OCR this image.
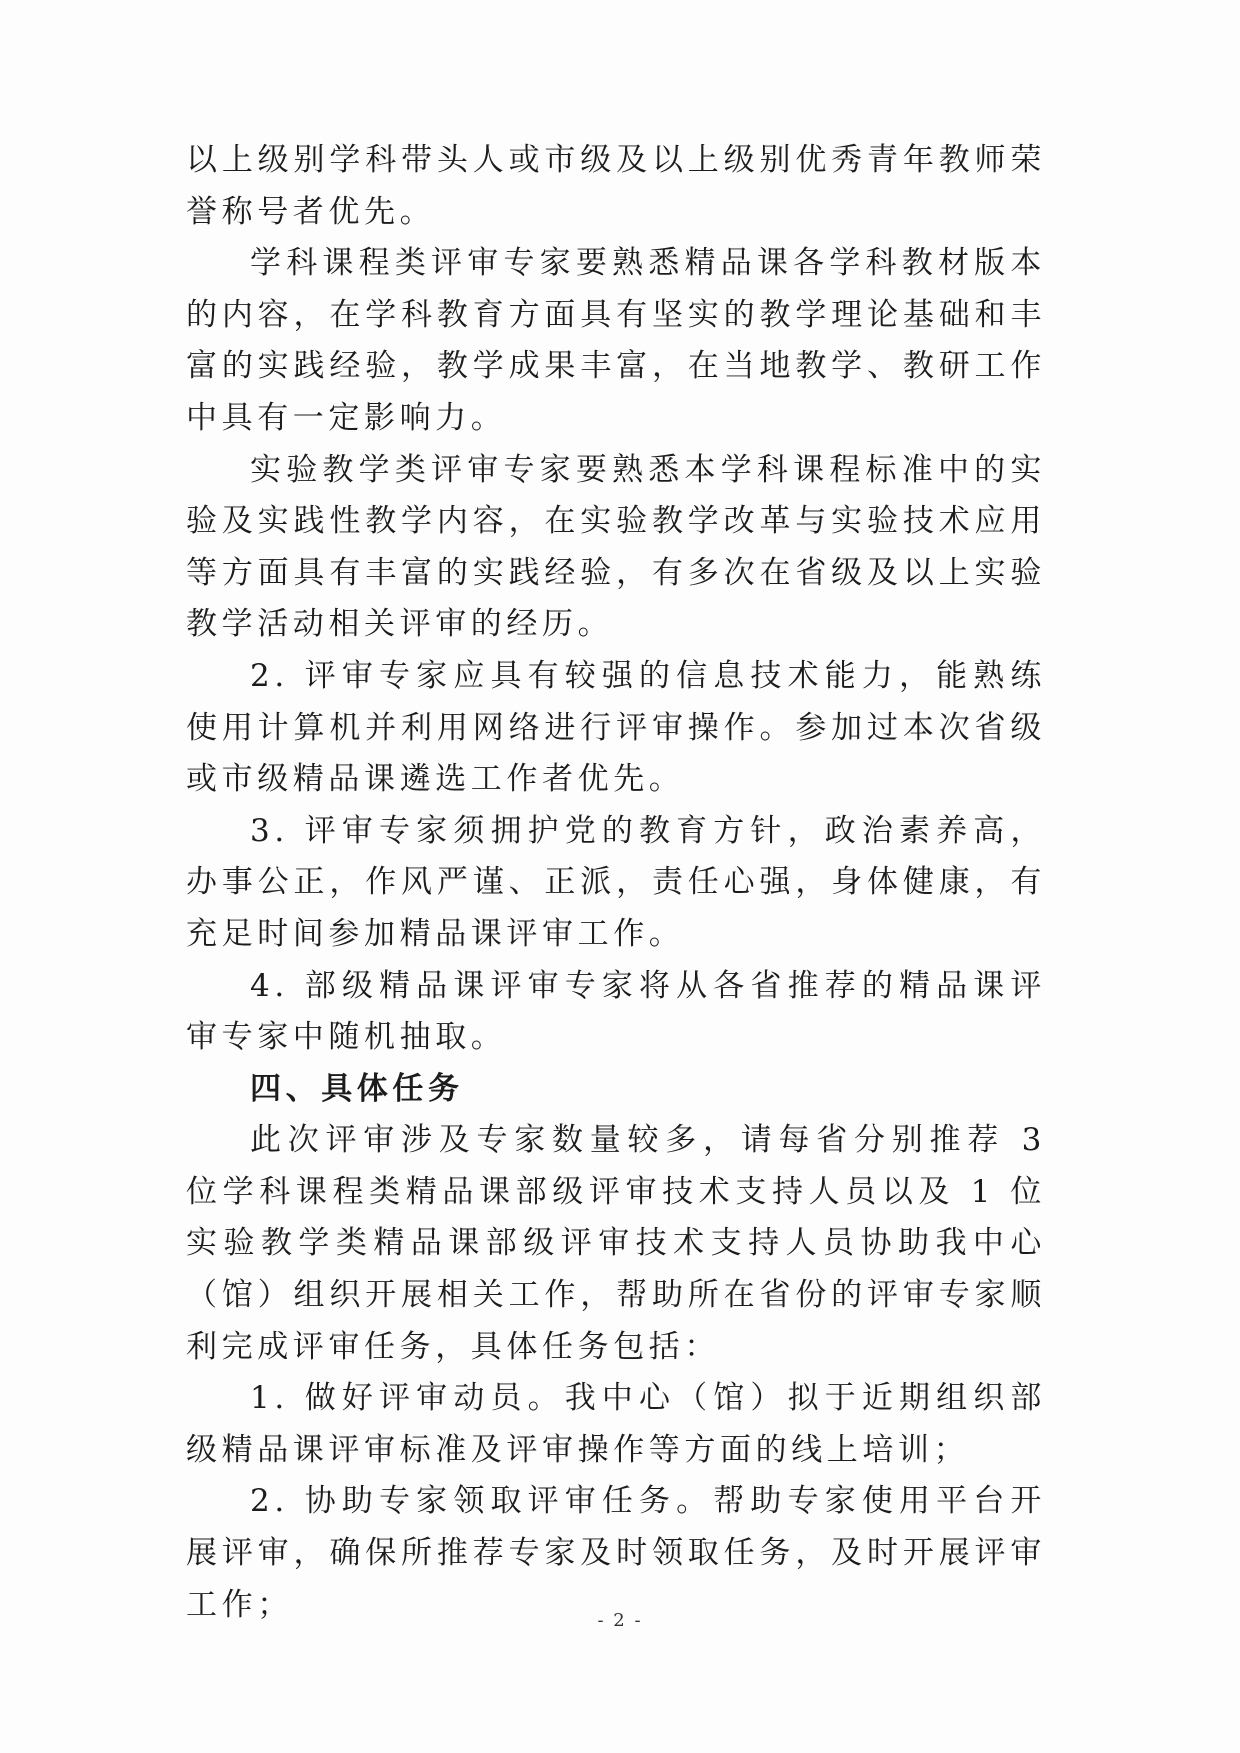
以上级别学科带头人或市级及以上级别优秀青年教师荣誉称号者优先。

学科课程类评审专家要熟悉精品课各学科教材版本的内容，在学科教育方面具有坚实的教学理论基础和丰富的实践经验，教学成果丰富，在当地教学、教研工作中具有一定影响力。

实验教学类评审专家要熟悉本学科课程标准中的实验及实践性教学内容，在实验教学改革与实验技术应用等方面具有丰富的实践经验，有多次在省级及以上实验教学活动相关评审的经历。

2. 评审专家应具有较强的信息技术能力，能熟练使用计算机并利用网络进行评审操作。参加过本次省级或市级精品课遴选工作者优先。

3. 评审专家须拥护党的教育方针，政治素养高，办事公正，作风严谨、正派，责任心强，身体健康，有充足时间参加精品课评审工作。

4. 部级精品课评审专家将从各省推荐的精品课评审专家中随机抽取。

四、具体任务

此次评审涉及专家数量较多，请每省分别推荐 3 位学科课程类精品课部级评审技术支持人员以及 1 位实验教学类精品课部级评审技术支持人员协助我中心（馆）组织开展相关工作，帮助所在省份的评审专家顺利完成评审任务，具体任务包括：

1. 做好评审动员。我中心（馆）拟于近期组织部级精品课评审标准及评审操作等方面的线上培训；

2. 协助专家领取评审任务。帮助专家使用平台开展评审，确保所推荐专家及时领取任务，及时开展评审工作；	- 2 -
